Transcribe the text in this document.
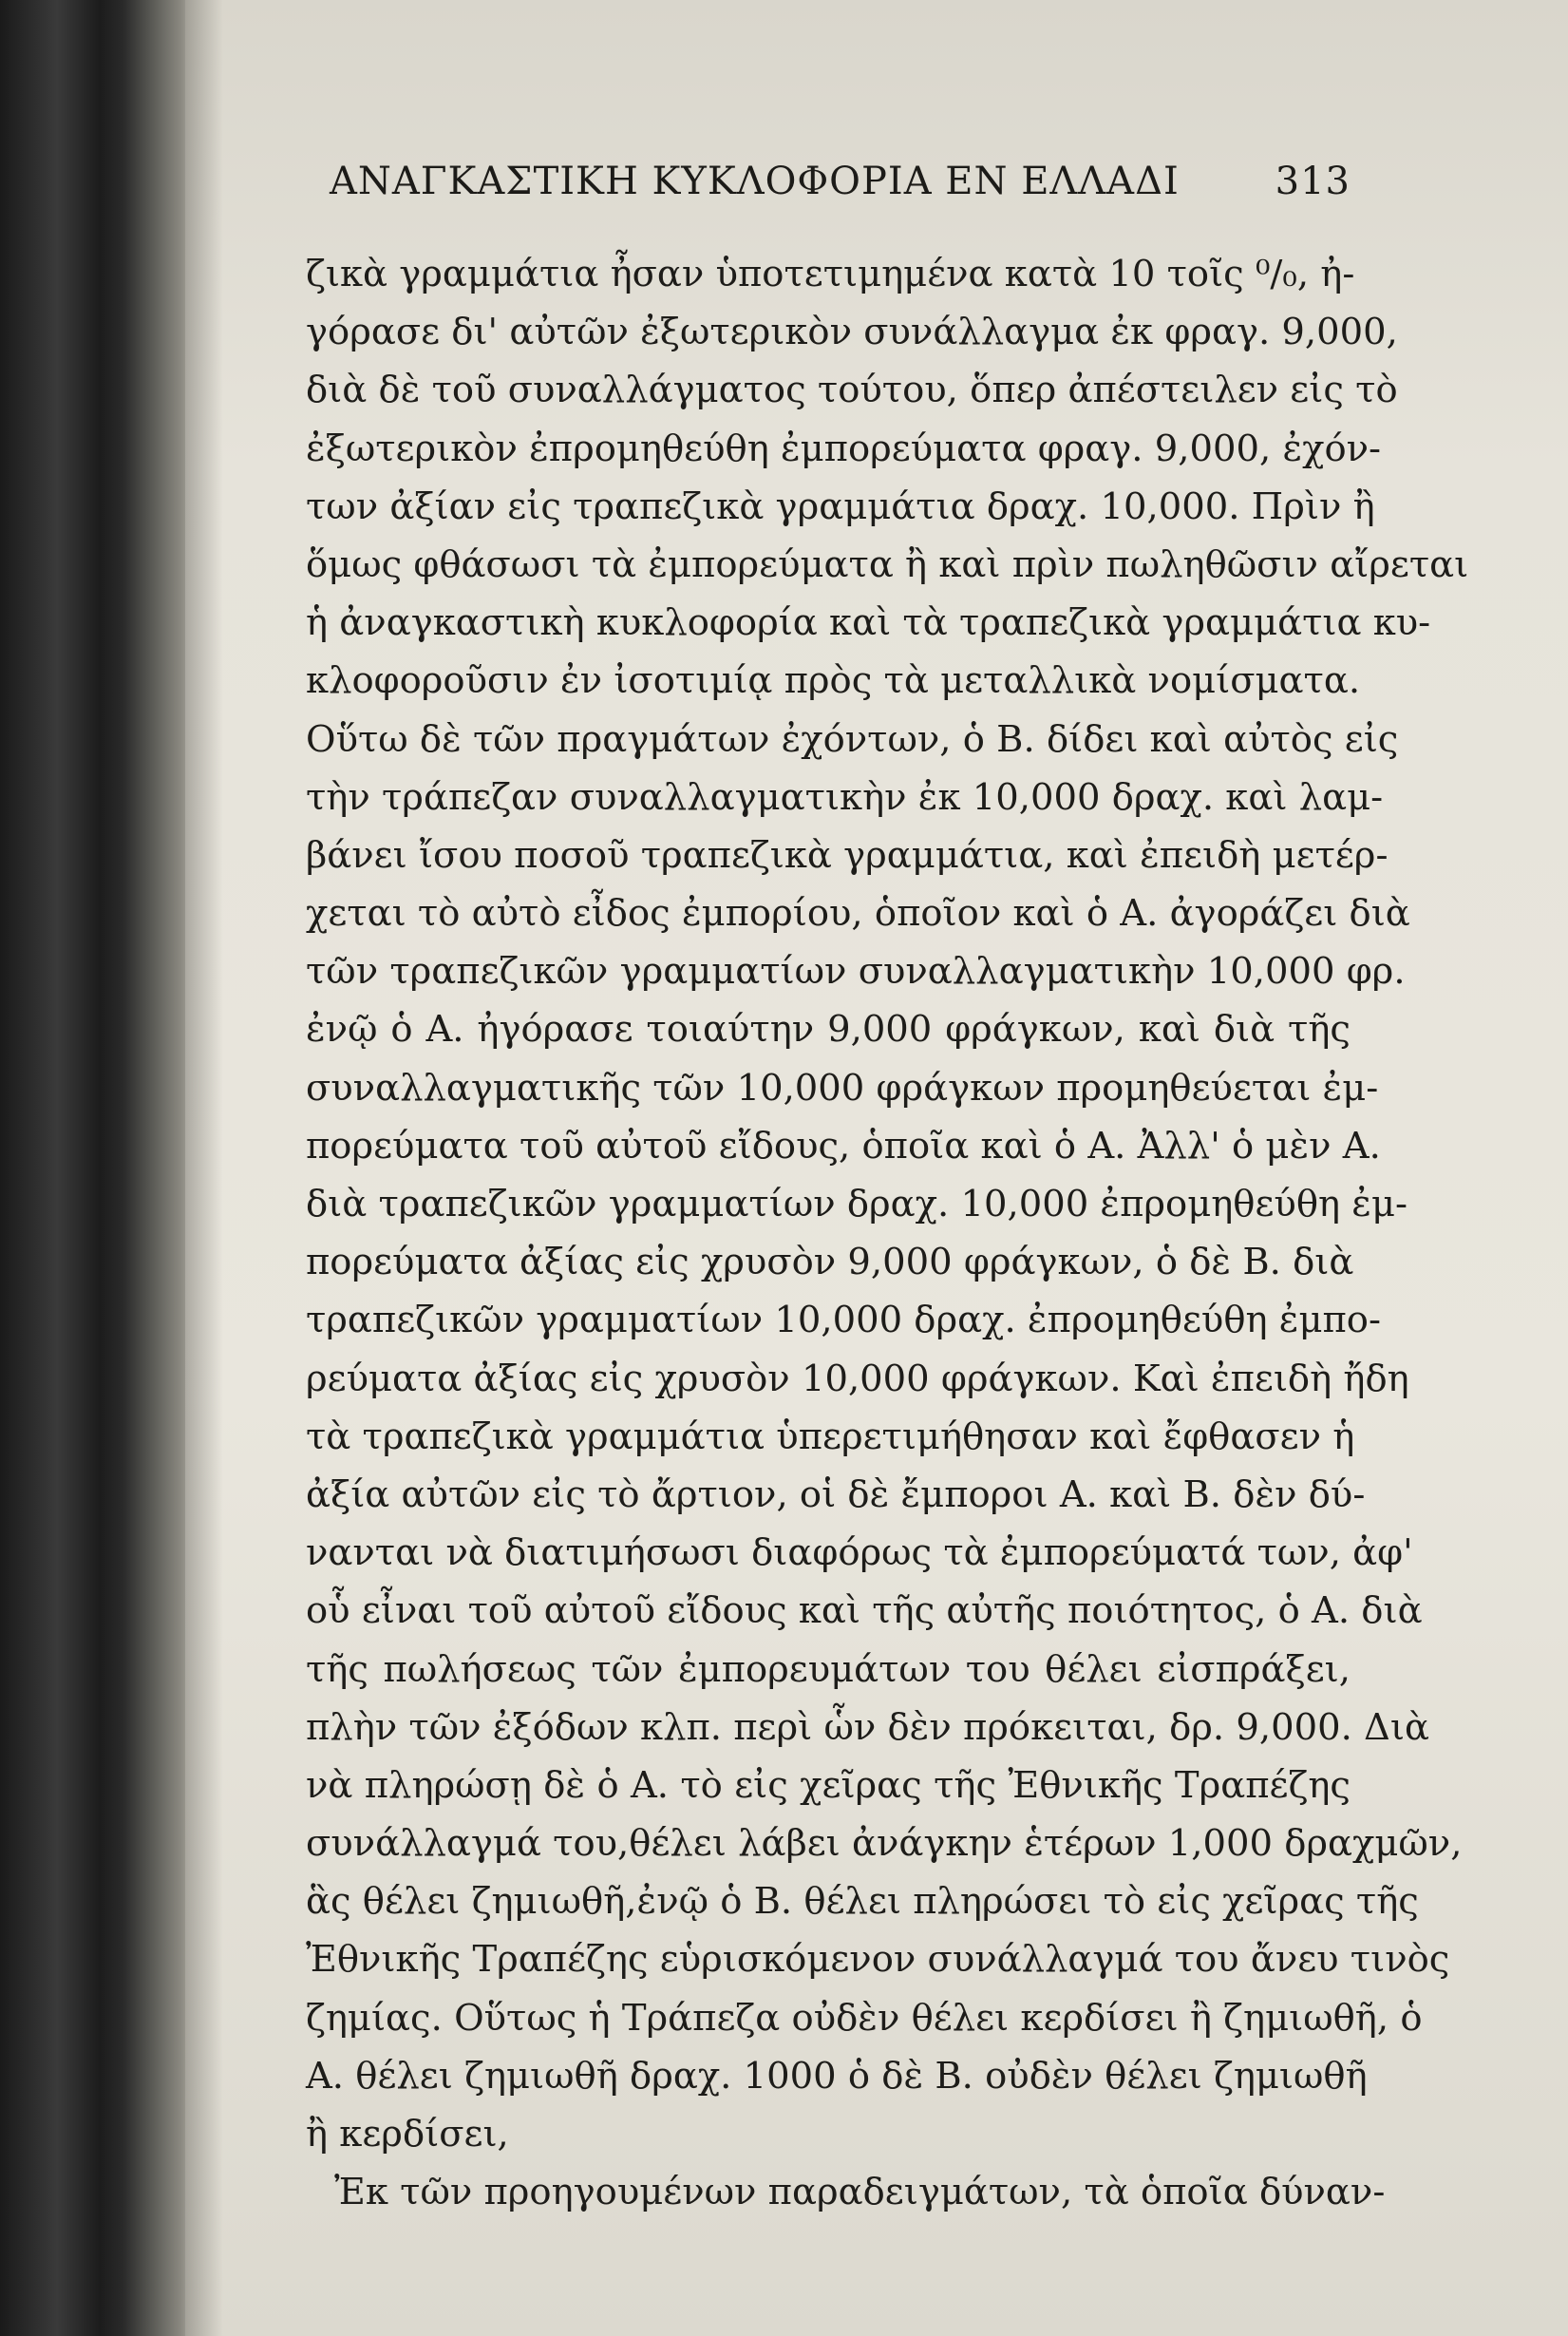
ΑΝΑΓΚΑΣΤΙΚΗ ΚΥΚΛΟΦΟΡΙΑ ΕΝ ΕΛΛΑΔΙ	313
ζικὰ γραμμάτια ἦσαν ὑποτετιμημένα κατὰ 10 τοῖς ⁰/₀, ἠ-
γόρασε δι' αὐτῶν ἐξωτερικὸν συνάλλαγμα ἐκ φραγ. 9,000,
διὰ δὲ τοῦ συναλλάγματος τούτου, ὅπερ ἀπέστειλεν εἰς τὸ
ἐξωτερικὸν ἐπρομηθεύθη ἐμπορεύματα φραγ. 9,000, ἐχόν-
των ἀξίαν εἰς τραπεζικὰ γραμμάτια δραχ. 10,000. Πρὶν ἢ
ὅμως φθάσωσι τὰ ἐμπορεύματα ἢ καὶ πρὶν πωληθῶσιν αἴρεται
ἡ ἀναγκαστικὴ κυκλοφορία καὶ τὰ τραπεζικὰ γραμμάτια κυ-
κλοφοροῦσιν ἐν ἰσοτιμίᾳ πρὸς τὰ μεταλλικὰ νομίσματα.
Οὕτω δὲ τῶν πραγμάτων ἐχόντων, ὁ Β. δίδει καὶ αὐτὸς εἰς
τὴν τράπεζαν συναλλαγματικὴν ἐκ 10,000 δραχ. καὶ λαμ-
βάνει ἴσου ποσοῦ τραπεζικὰ γραμμάτια, καὶ ἐπειδὴ μετέρ-
χεται τὸ αὐτὸ εἶδος ἐμπορίου, ὁποῖον καὶ ὁ Α. ἀγοράζει διὰ
τῶν τραπεζικῶν γραμματίων συναλλαγματικὴν 10,000 φρ.
ἐνῷ ὁ Α. ἠγόρασε τοιαύτην 9,000 φράγκων, καὶ διὰ τῆς
συναλλαγματικῆς τῶν 10,000 φράγκων προμηθεύεται ἐμ-
πορεύματα τοῦ αὐτοῦ εἴδους, ὁποῖα καὶ ὁ Α. Ἀλλ' ὁ μὲν Α.
διὰ τραπεζικῶν γραμματίων δραχ. 10,000 ἐπρομηθεύθη ἐμ-
πορεύματα ἀξίας εἰς χρυσὸν 9,000 φράγκων, ὁ δὲ Β. διὰ
τραπεζικῶν γραμματίων 10,000 δραχ. ἐπρομηθεύθη ἐμπο-
ρεύματα ἀξίας εἰς χρυσὸν 10,000 φράγκων. Καὶ ἐπειδὴ ἤδη
τὰ τραπεζικὰ γραμμάτια ὑπερετιμήθησαν καὶ ἔφθασεν ἡ
ἀξία αὐτῶν εἰς τὸ ἄρτιον, οἱ δὲ ἔμποροι Α. καὶ Β. δὲν δύ-
νανται νὰ διατιμήσωσι διαφόρως τὰ ἐμπορεύματά των, ἀφ'
οὗ εἶναι τοῦ αὐτοῦ εἴδους καὶ τῆς αὐτῆς ποιότητος, ὁ Α. διὰ
τῆς πωλήσεως τῶν ἐμπορευμάτων του θέλει εἰσπράξει,
πλὴν τῶν ἐξόδων κλπ. περὶ ὧν δὲν πρόκειται, δρ. 9,000. Διὰ
νὰ πληρώσῃ δὲ ὁ Α. τὸ εἰς χεῖρας τῆς Ἐθνικῆς Τραπέζης
συνάλλαγμά του,θέλει λάβει ἀνάγκην ἑτέρων 1,000 δραχμῶν,
ἃς θέλει ζημιωθῆ,ἐνῷ ὁ Β. θέλει πληρώσει τὸ εἰς χεῖρας τῆς
Ἐθνικῆς Τραπέζης εὑρισκόμενον συνάλλαγμά του ἄνευ τινὸς
ζημίας. Οὕτως ἡ Τράπεζα οὐδὲν θέλει κερδίσει ἢ ζημιωθῆ, ὁ
Α. θέλει ζημιωθῆ δραχ. 1000 ὁ δὲ Β. οὐδὲν θέλει ζημιωθῆ
ἢ κερδίσει,
Ἐκ τῶν προηγουμένων παραδειγμάτων, τὰ ὁποῖα δύναν-
